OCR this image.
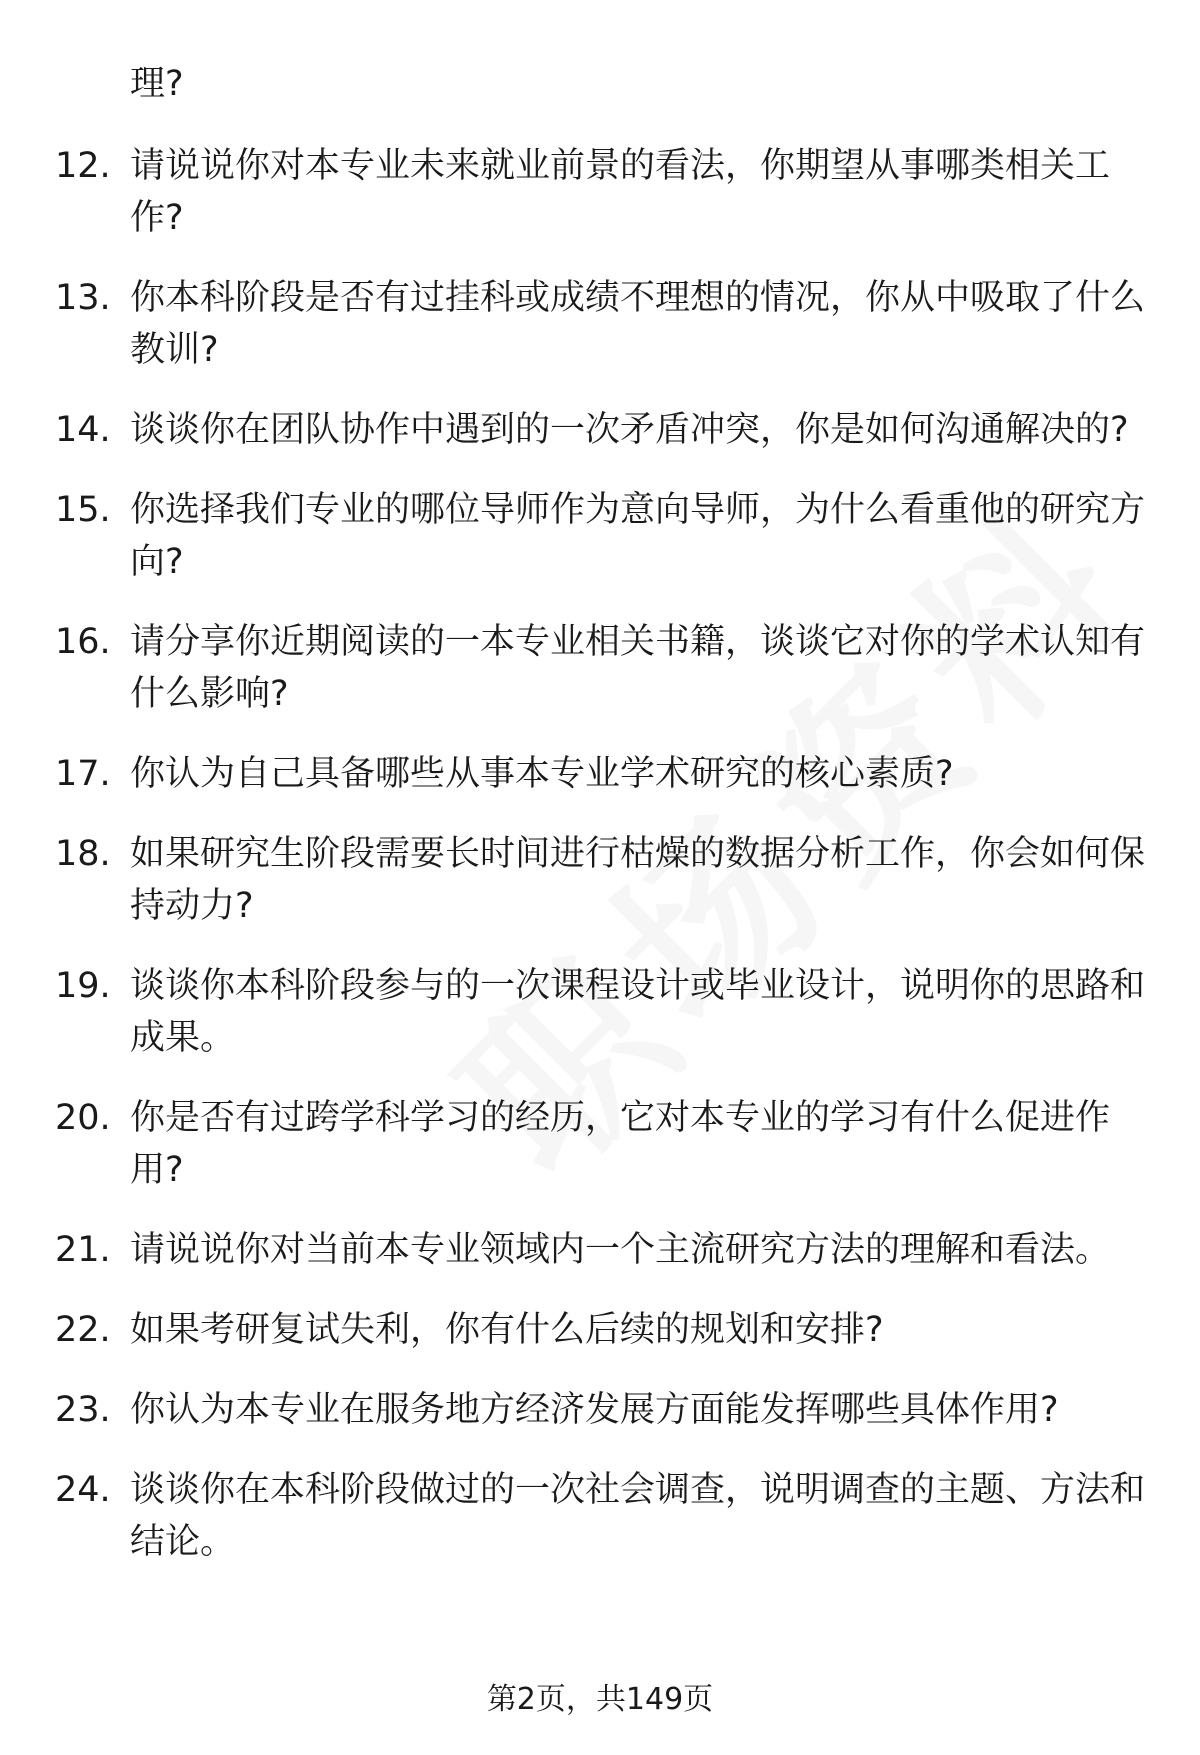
理?

12. 请说说你对本专业未来就业前景的看法，你期望从事哪类相关工作?
13. 你本科阶段是否有过挂科或成绩不理想的情况，你从中吸取了什么教训?
14. 谈谈你在团队协作中遇到的一次矛盾冲突，你是如何沟通解决的?
15. 你选择我们专业的哪位导师作为意向导师，为什么看重他的研究方向?
16. 请分享你近期阅读的一本专业相关书籍，谈谈它对你的学术认知有什么影响?
17. 你认为自己具备哪些从事本专业学术研究的核心素质?
18. 如果研究生阶段需要长时间进行枯燥的数据分析工作，你会如何保持动力?
19. 谈谈你本科阶段参与的一次课程设计或毕业设计，说明你的思路和成果。
20. 你是否有过跨学科学习的经历，它对本专业的学习有什么促进作用?
21. 请说说你对当前本专业领域内一个主流研究方法的理解和看法。
22. 如果考研复试失利，你有什么后续的规划和安排?
23. 你认为本专业在服务地方经济发展方面能发挥哪些具体作用?
24. 谈谈你在本科阶段做过的一次社会调查，说明调查的主题、方法和结论。
第2页，共149页
